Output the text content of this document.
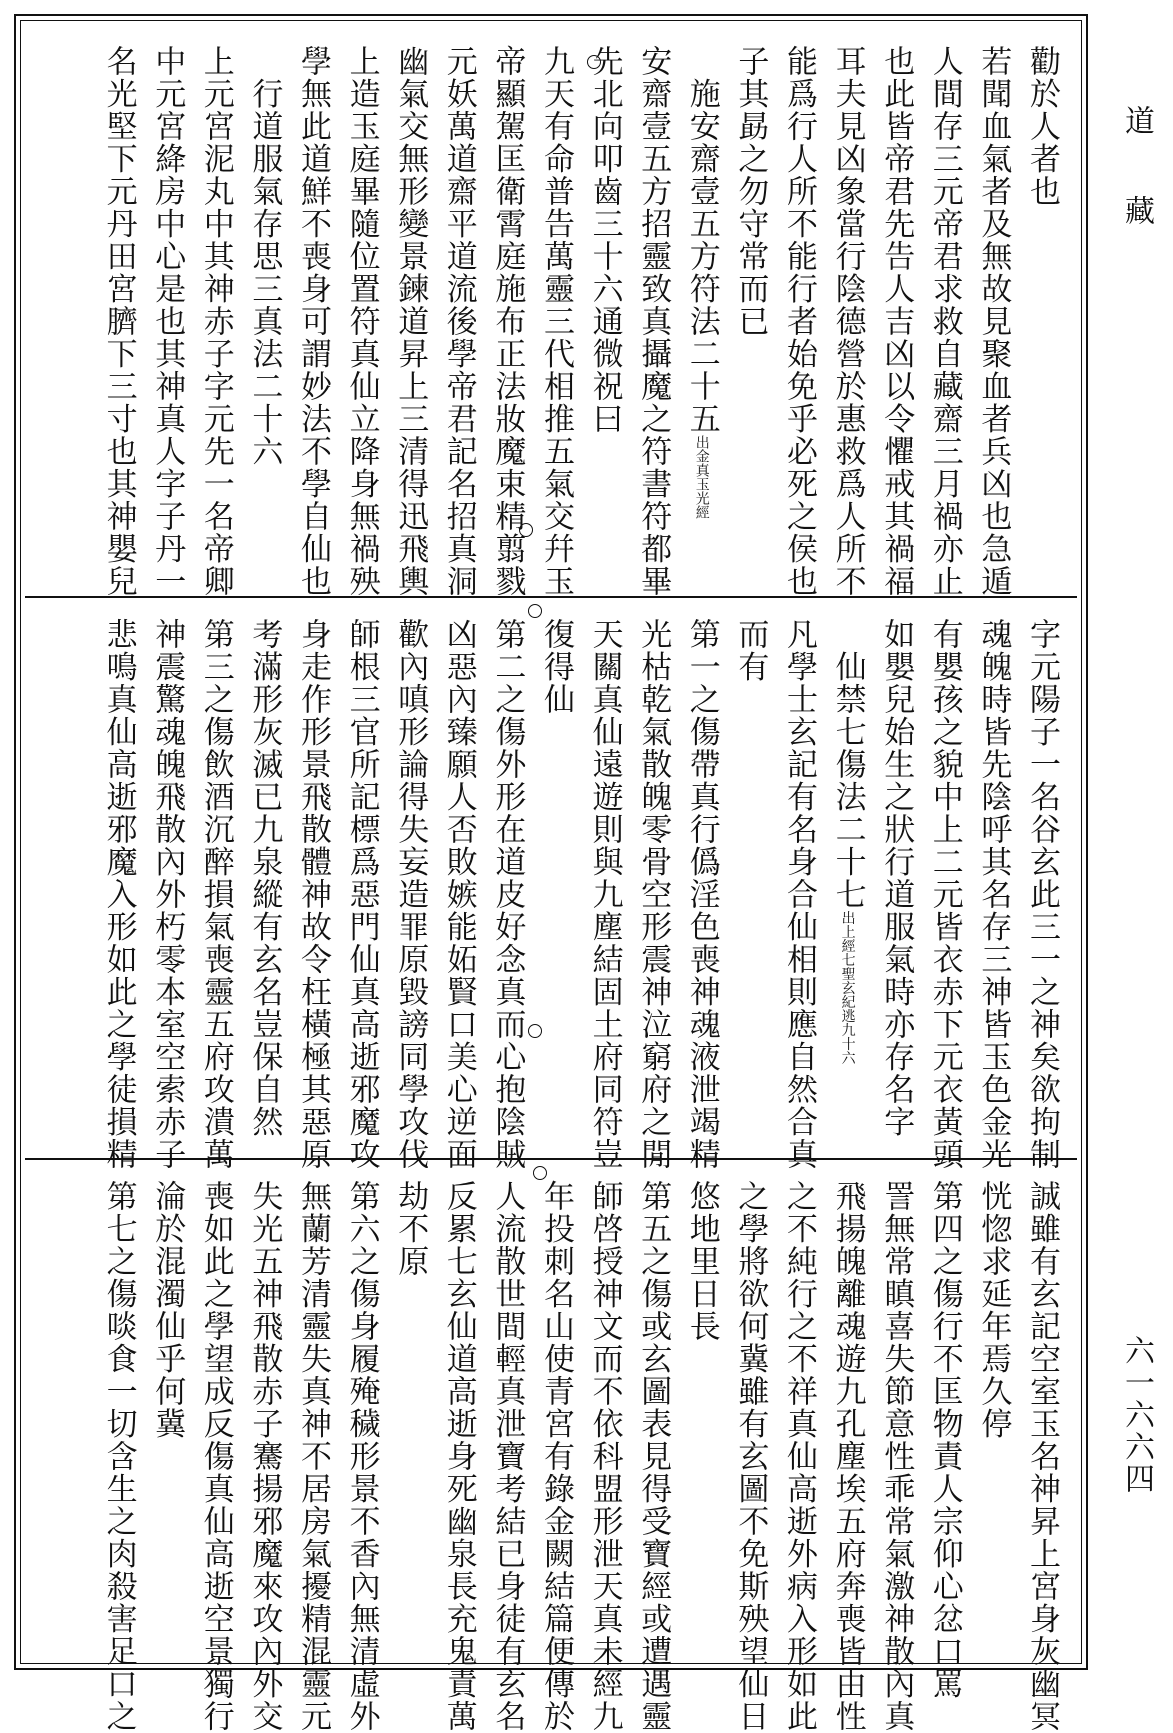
勸於人者也
若聞血氣者及無故見聚血者兵凶也急遁
人間存三元帝君求救自藏齋三月禍亦止
也此皆帝君先告人吉凶以令懼戒其禍福
耳夫見凶象當行陰德營於惠救爲人所不
能爲行人所不能行者始免乎必死之侯也
子其勗之勿守常而已
　施安齋壹五方符法二十五$^{出金真玉光經}$
安齋壹五方招靈致真攝魔之符書符都畢
先北向叩齒三十六通微祝曰
九天有命普告萬靈三代相推五氣交幷玉
帝顯駕匡衛霄庭施布正法妝魔束精翦戮
元妖萬道齋平道流後學帝君記名招真洞
幽氣交無形變景鍊道昇上三清得迅飛輿
上造玉庭畢隨位置符真仙立降身無禍殃
學無此道鮮不喪身可謂妙法不學自仙也
　行道服氣存思三真法二十六
上元宮泥丸中其神赤子字元先一名帝卿
中元宮絳房中心是也其神真人字子丹一
名光堅下元丹田宮臍下三寸也其神嬰兒
字元陽子一名谷玄此三一之神矣欲拘制
魂魄時皆先陰呼其名存三神皆玉色金光
有嬰孩之貌中上二元皆衣赤下元衣黃頭
如嬰兒始生之狀行道服氣時亦存名字
　仙禁七傷法二十七$^{出上經七聖玄紀逃九十六}$
凡學士玄記有名身合仙相則應自然合真
而有
第一之傷帶真行僞淫色喪神魂液泄竭精
光枯乾氣散魄零骨空形震神泣窮府之閒
天關真仙遠遊則與九塵結固土府同符豈
復得仙
第二之傷外形在道皮好念真而心抱陰賊
凶惡內臻願人否敗嫉能妬賢口美心逆面
歡內嗔形論得失妄造罪原毀謗同學攻伐
師根三官所記標爲惡門仙真高逝邪魔攻
身走作形景飛散體神故令枉橫極其惡原
考滿形灰滅已九泉縱有玄名豈保自然
第三之傷飲酒沉醉損氣喪靈五府攻潰萬
神震驚魂魄飛散內外朽零本室空索赤子
悲鳴真仙高逝邪魔入形如此之學徒損精
誠雖有玄記空室玉名神昇上宮身灰幽冥
恍惚求延年焉久停
第四之傷行不匡物責人宗仰心忿口罵
詈無常瞋喜失節意性乖常氣激神散內真
飛揚魄離魂遊九孔塵埃五府奔喪皆由性
之不純行之不祥真仙高逝外病入形如此
之學將欲何冀雖有玄圖不免斯殃望仙日
悠地里日長
第五之傷或玄圖表見得受寶經或遭遇靈
師啓授神文而不依科盟形泄天真未經九
年投刺名山使青宮有錄金闕結篇便傳於
人流散世間輕真泄寶考結已身徒有玄名
反累七玄仙道高逝身死幽泉長充鬼責萬
劫不原
第六之傷身履殗穢形景不香內無清虛外
無蘭芳清靈失真神不居房氣擾精混靈元
失光五神飛散赤子騫揚邪魔來攻內外交
喪如此之學望成反傷真仙高逝空景獨行
淪於混濁仙乎何冀
第七之傷啖食一切含生之肉殺害足口之
道　　藏
六一六六四
